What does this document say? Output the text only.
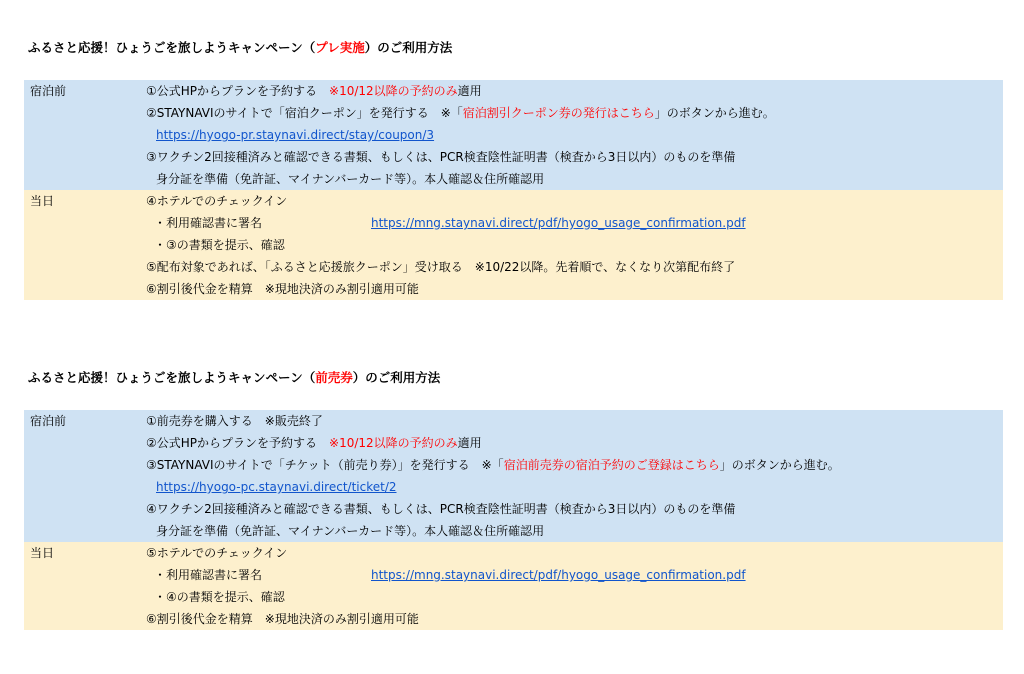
ふるさと応援！ひょうごを旅しようキャンペーン（プレ実施）のご利用方法
宿泊前	①公式HPからプランを予約する　※10/12以降の予約のみ適用
②STAYNAVIのサイトで「宿泊クーポン」を発行する　※「宿泊割引クーポン券の発行はこちら」のボタンから進む。
https://hyogo-pr.staynavi.direct/stay/coupon/3
③ワクチン2回接種済みと確認できる書類、もしくは、PCR検査陰性証明書（検査から3日以内）のものを準備
身分証を準備（免許証、マイナンバーカード等）。本人確認＆住所確認用
当日	④ホテルでのチェックイン
・利用確認書に署名	https://mng.staynavi.direct/pdf/hyogo_usage_confirmation.pdf
・③の書類を提示、確認
⑤配布対象であれば、「ふるさと応援旅クーポン」受け取る　※10/22以降。先着順で、なくなり次第配布終了
⑥割引後代金を精算　※現地決済のみ割引適用可能
ふるさと応援！ひょうごを旅しようキャンペーン（前売券）のご利用方法
宿泊前	①前売券を購入する　※販売終了
②公式HPからプランを予約する　※10/12以降の予約のみ適用
③STAYNAVIのサイトで「チケット（前売り券）」を発行する　※「宿泊前売券の宿泊予約のご登録はこちら」のボタンから進む。
https://hyogo-pc.staynavi.direct/ticket/2
④ワクチン2回接種済みと確認できる書類、もしくは、PCR検査陰性証明書（検査から3日以内）のものを準備
身分証を準備（免許証、マイナンバーカード等）。本人確認＆住所確認用
当日	⑤ホテルでのチェックイン
・利用確認書に署名	https://mng.staynavi.direct/pdf/hyogo_usage_confirmation.pdf
・④の書類を提示、確認
⑥割引後代金を精算　※現地決済のみ割引適用可能
